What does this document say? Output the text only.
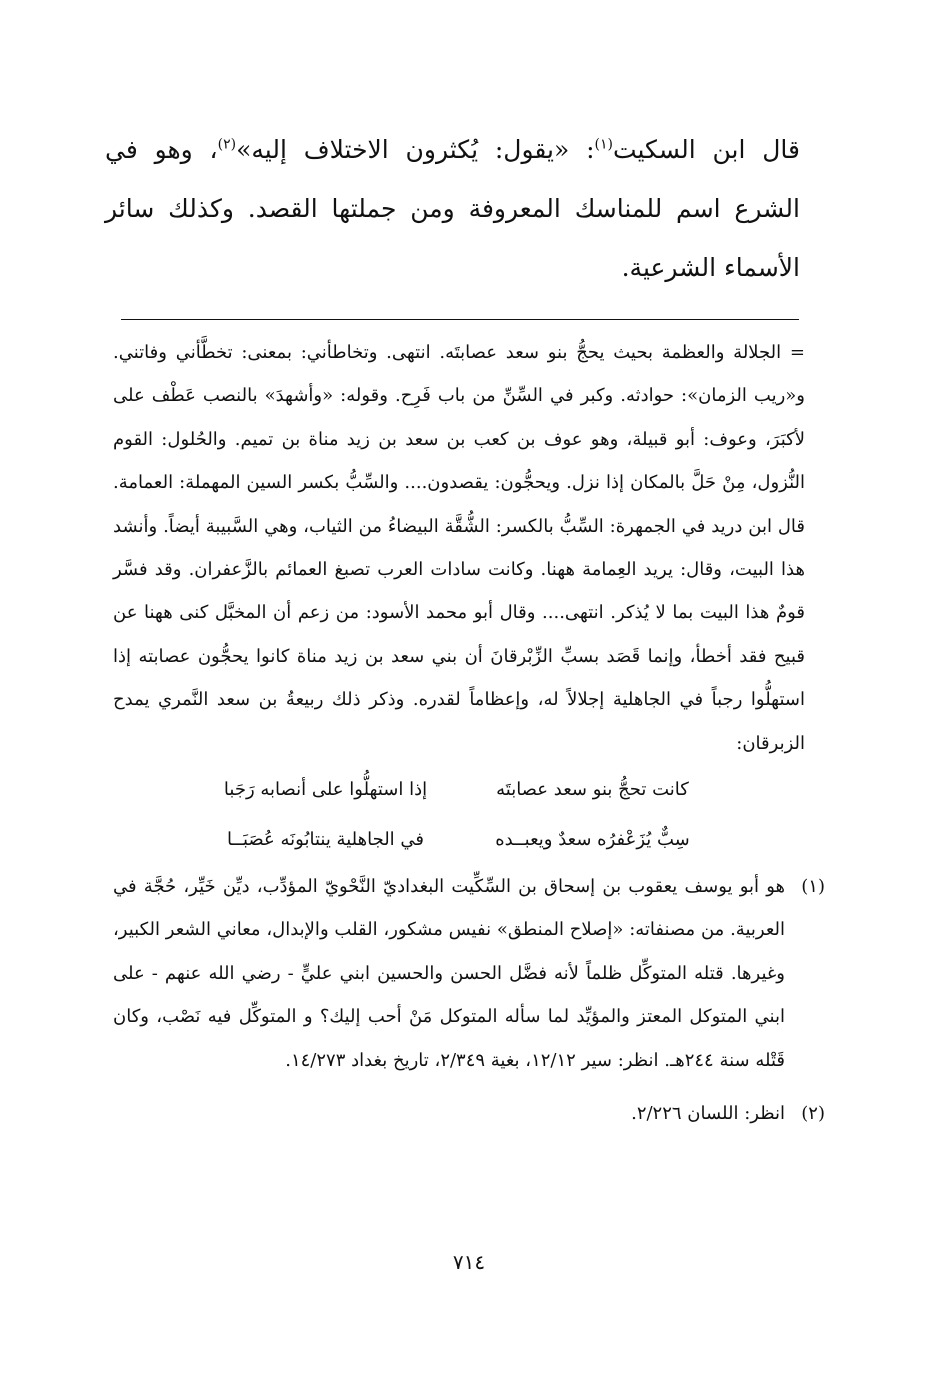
قال ابن السكيت$^{(١)}$: «يقول: يُكثرون الاختلاف إليه»$^{(٢)}$، وهو في الشرع اسم للمناسك المعروفة ومن جملتها القصد. وكذلك سائر الأسماء الشرعية.

= الجلالة والعظمة بحيث يحجُّ بنو سعد عصابتَه. انتهى. وتخاطأني: بمعنى: تخطَّأني وفاتني. و«ريب الزمان»: حوادثه. وكبر في السِّنِّ من باب فَرِح. وقوله: «وأشهدَ» بالنصب عَطْف على لأكبَرَ، وعوف: أبو قبيلة، وهو عوف بن كعب بن سعد بن زيد مناة بن تميم. والحُلول: القوم النُّزول، مِنْ حَلَّ بالمكان إذا نزل. ويحجُّون: يقصدون.... والسِّبُّ بكسر السين المهملة: العمامة. قال ابن دريد في الجمهرة: السِّبُّ بالكسر: الشُّقَّة البيضاءُ من الثياب، وهي السَّبيبة أيضاً. وأنشد هذا البيت، وقال: يريد العِمامة ههنا. وكانت سادات العرب تصبغ العمائم بالزَّعفران. وقد فسَّر قومٌ هذا البيت بما لا يُذكر. انتهى.... وقال أبو محمد الأسود: من زعم أن المخبَّل كنى ههنا عن قبيح فقد أخطأ، وإنما قَصَد بسبِّ الزِّبْرقانَ أن بني سعد بن زيد مناة كانوا يحجُّون عصابته إذا استهلُّوا رجباً في الجاهلية إجلالاً له، وإعظاماً لقدره. وذكر ذلك ربيعةُ بن سعد النَّمري يمدح الزبرقان:

كانت تحجُّ بنو سعد عصابتَه
إذا استهلُّوا على أنصابه رَجَبا
سِبٌّ يُزَعْفرُه سعدٌ ويعبــده
في الجاهلية ينتابُونَه عُصَبَــا
(١)
هو أبو يوسف يعقوب بن إسحاق بن السِّكِّيت البغداديّ النَّحْويّ المؤدِّب، ديِّن خَيِّر، حُجَّة في العربية. من مصنفاته: «إصلاح المنطق» نفيس مشكور، القلب والإبدال، معاني الشعر الكبير، وغيرها. قتله المتوكِّل ظلماً لأنه فضَّل الحسن والحسين ابني عليٍّ - رضي الله عنهم - على ابني المتوكل المعتز والمؤيِّد لما سأله المتوكل مَنْ أحب إليك؟ و المتوكِّل فيه نَصْب، وكان قَتْله سنة ٢٤٤هـ. انظر: سير ١٢/١٢، بغية ٢/٣٤٩، تاريخ بغداد ١٤/٢٧٣.
(٢)
انظر: اللسان ٢/٢٢٦.
٧١٤
